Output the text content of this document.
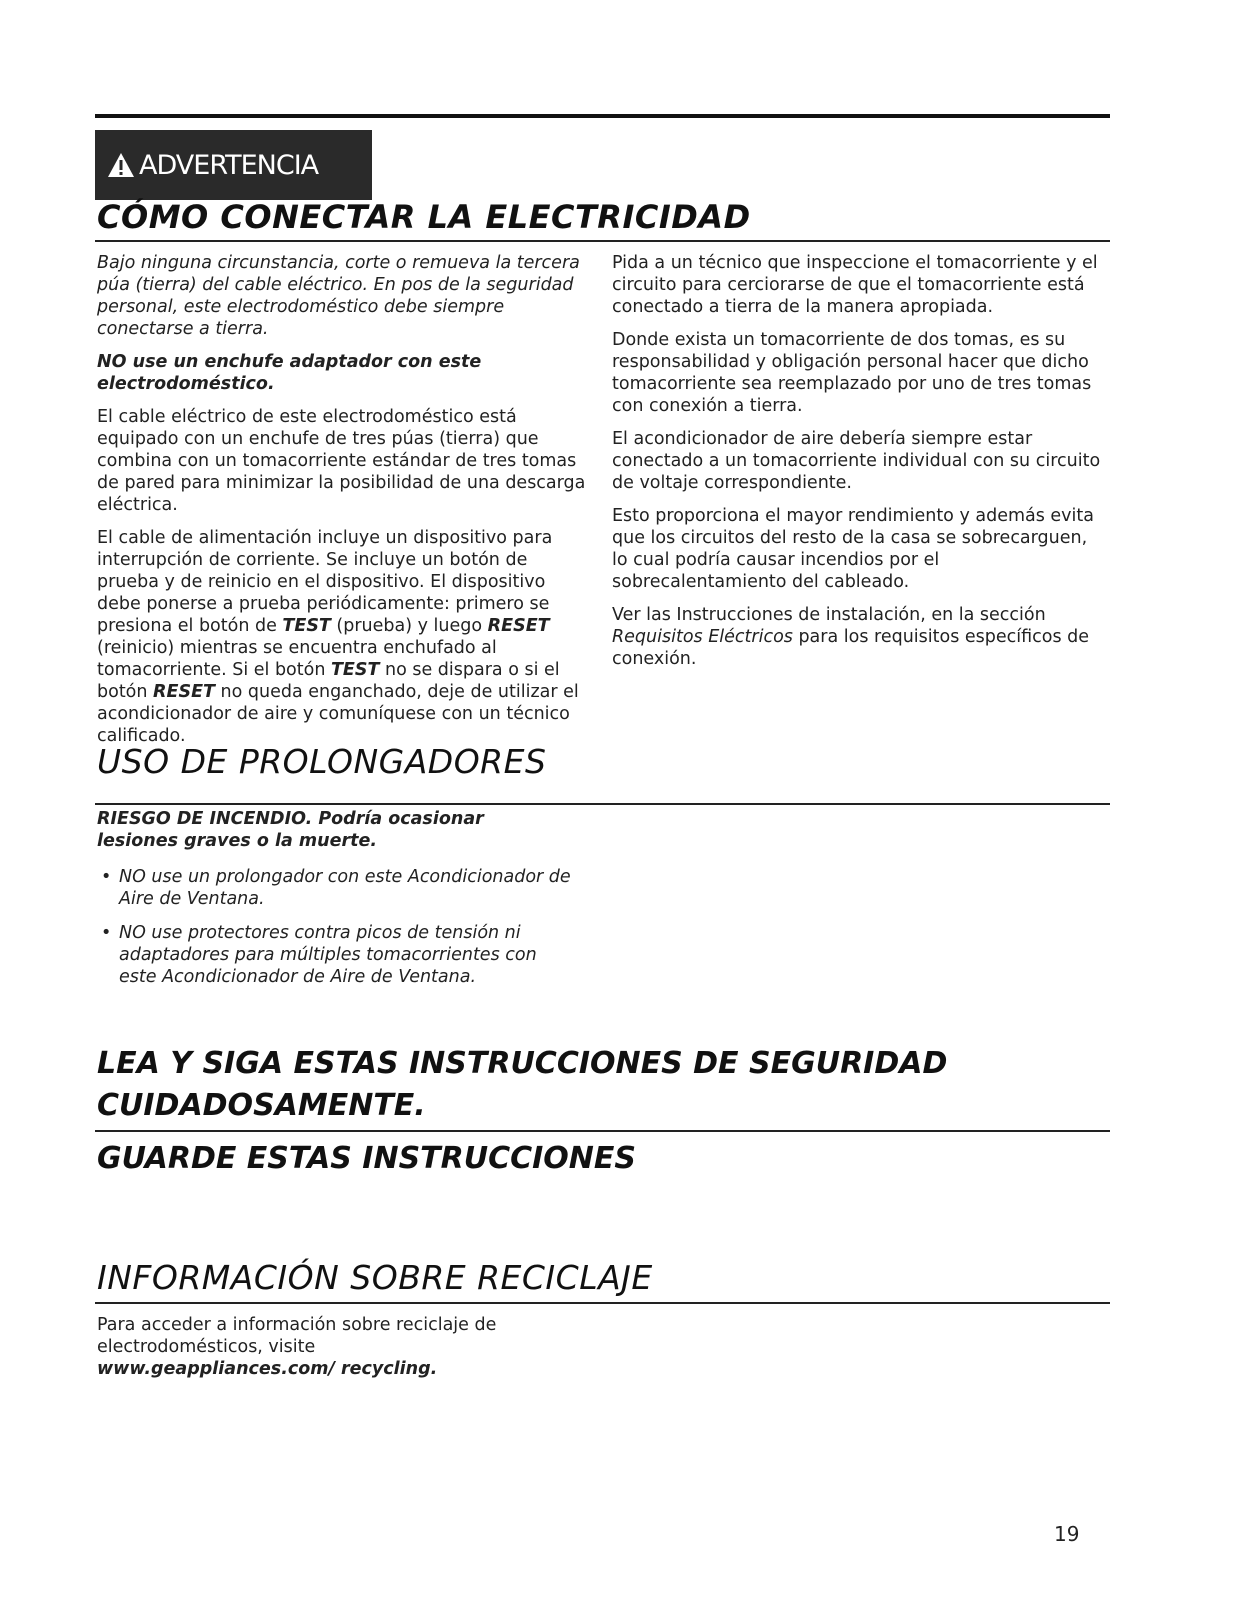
ADVERTENCIA
CÓMO CONECTAR LA ELECTRICIDAD

Bajo ninguna circunstancia, corte o remueva la tercera púa (tierra) del cable eléctrico. En pos de la seguridad personal, este electrodoméstico debe siempre conectarse a tierra.

NO use un enchufe adaptador con este electrodoméstico.

El cable eléctrico de este electrodoméstico está equipado con un enchufe de tres púas (tierra) que combina con un tomacorriente estándar de tres tomas de pared para minimizar la posibilidad de una descarga eléctrica.

El cable de alimentación incluye un dispositivo para interrupción de corriente. Se incluye un botón de prueba y de reinicio en el dispositivo. El dispositivo debe ponerse a prueba periódicamente: primero se presiona el botón de TEST (prueba) y luego RESET (reinicio) mientras se encuentra enchufado al tomacorriente. Si el botón TEST no se dispara o si el botón RESET no queda enganchado, deje de utilizar el acondicionador de aire y comuníquese con un técnico calificado.

Pida a un técnico que inspeccione el tomacorriente y el circuito para cerciorarse de que el tomacorriente está conectado a tierra de la manera apropiada.

Donde exista un tomacorriente de dos tomas, es su responsabilidad y obligación personal hacer que dicho tomacorriente sea reemplazado por uno de tres tomas con conexión a tierra.

El acondicionador de aire debería siempre estar conectado a un tomacorriente individual con su circuito de voltaje correspondiente.

Esto proporciona el mayor rendimiento y además evita que los circuitos del resto de la casa se sobrecarguen, lo cual podría causar incendios por el sobrecalentamiento del cableado.

Ver las Instrucciones de instalación, en la sección Requisitos Eléctricos para los requisitos específicos de conexión.

USO DE PROLONGADORES
RIESGO DE INCENDIO. Podría ocasionar lesiones graves o la muerte.
• NO use un prolongador con este Acondicionador de Aire de Ventana.
• NO use protectores contra picos de tensión ni adaptadores para múltiples tomacorrientes con este Acondicionador de Aire de Ventana.
LEA Y SIGA ESTAS INSTRUCCIONES DE SEGURIDAD
CUIDADOSAMENTE.
GUARDE ESTAS INSTRUCCIONES
INFORMACIÓN SOBRE RECICLAJE
Para acceder a información sobre reciclaje de electrodomésticos, visite www.geappliances.com/ recycling.
19
